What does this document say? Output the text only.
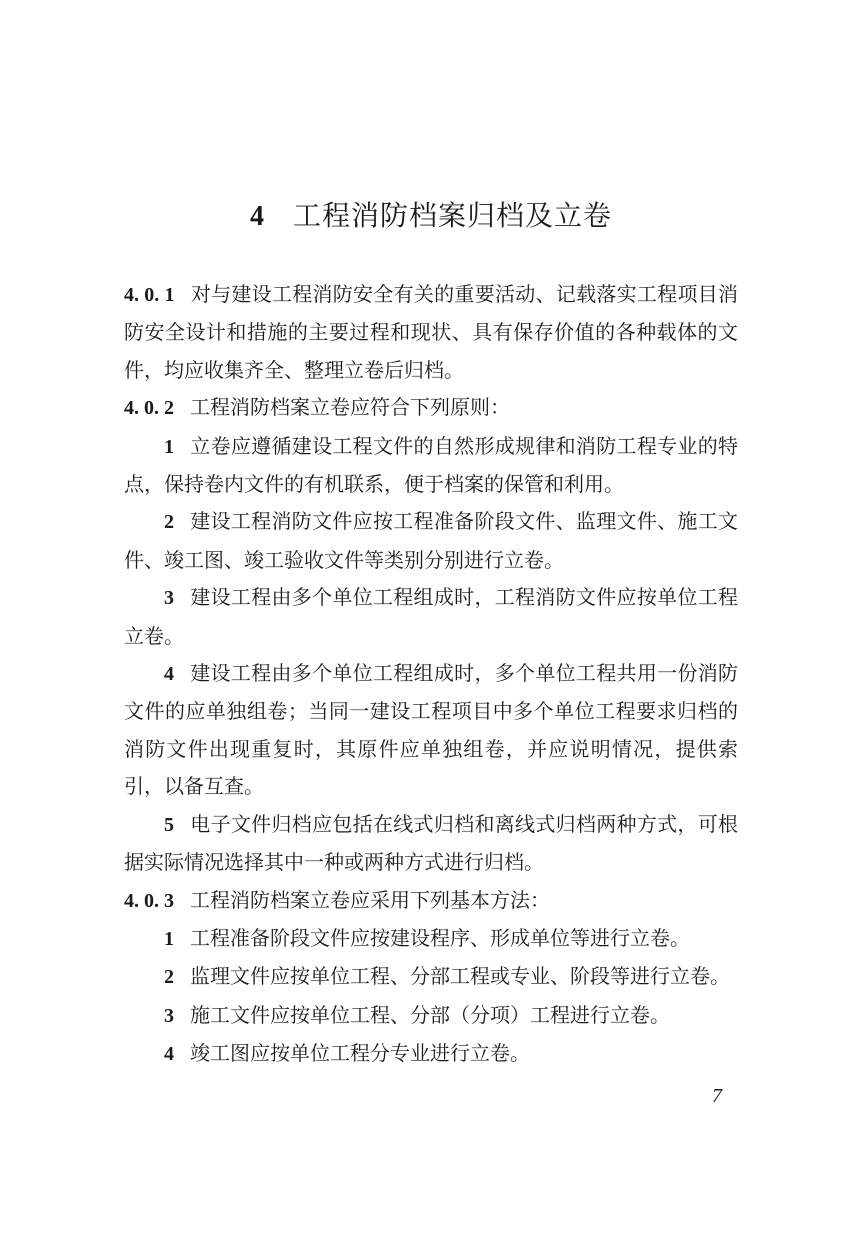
4 工程消防档案归档及立卷

4. 0. 1 对与建设工程消防安全有关的重要活动、记载落实工程项目消防安全设计和措施的主要过程和现状、具有保存价值的各种载体的文件，均应收集齐全、整理立卷后归档。

4. 0. 2 工程消防档案立卷应符合下列原则：

1 立卷应遵循建设工程文件的自然形成规律和消防工程专业的特点，保持卷内文件的有机联系，便于档案的保管和利用。

2 建设工程消防文件应按工程准备阶段文件、监理文件、施工文件、竣工图、竣工验收文件等类别分别进行立卷。

3 建设工程由多个单位工程组成时，工程消防文件应按单位工程立卷。

4 建设工程由多个单位工程组成时，多个单位工程共用一份消防文件的应单独组卷；当同一建设工程项目中多个单位工程要求归档的消防文件出现重复时，其原件应单独组卷，并应说明情况，提供索引，以备互查。

5 电子文件归档应包括在线式归档和离线式归档两种方式，可根据实际情况选择其中一种或两种方式进行归档。

4. 0. 3 工程消防档案立卷应采用下列基本方法：

1 工程准备阶段文件应按建设程序、形成单位等进行立卷。

2 监理文件应按单位工程、分部工程或专业、阶段等进行立卷。

3 施工文件应按单位工程、分部（分项）工程进行立卷。

4 竣工图应按单位工程分专业进行立卷。

7
